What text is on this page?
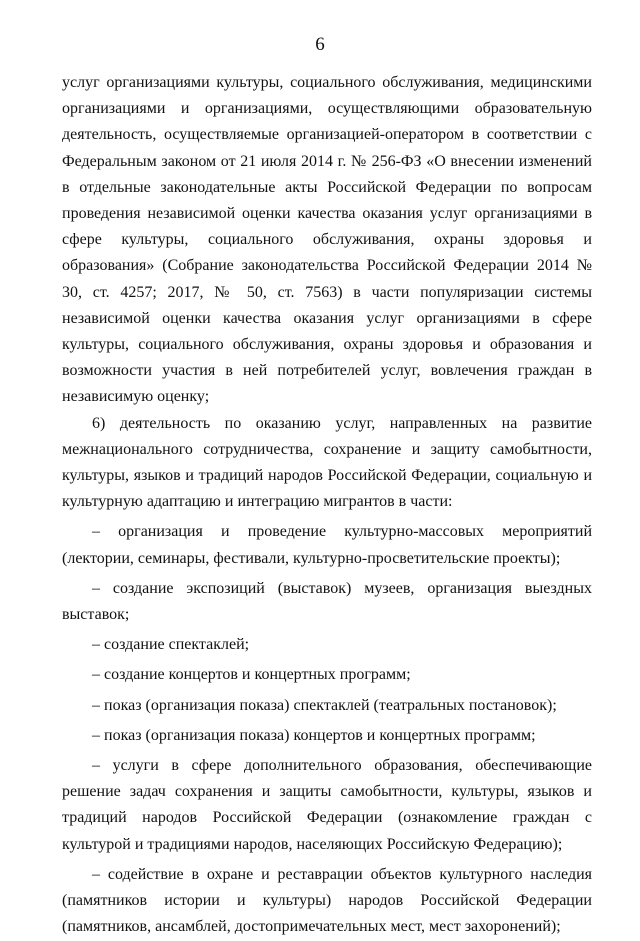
6

услуг организациями культуры, социального обслуживания, медицинскими организациями и организациями, осуществляющими образовательную деятельность, осуществляемые организацией-оператором в соответствии с Федеральным законом от 21 июля 2014 г. № 256-ФЗ «О внесении изменений в отдельные законодательные акты Российской Федерации по вопросам проведения независимой оценки качества оказания услуг организациями в сфере культуры, социального обслуживания, охраны здоровья и образования» (Собрание законодательства Российской Федерации 2014 № 30, ст. 4257; 2017, № 50, ст. 7563) в части популяризации системы независимой оценки качества оказания услуг организациями в сфере культуры, социального обслуживания, охраны здоровья и образования и возможности участия в ней потребителей услуг, вовлечения граждан в независимую оценку;

6) деятельность по оказанию услуг, направленных на развитие межнационального сотрудничества, сохранение и защиту самобытности, культуры, языков и традиций народов Российской Федерации, социальную и культурную адаптацию и интеграцию мигрантов в части:

– организация и проведение культурно-массовых мероприятий (лектории, семинары, фестивали, культурно-просветительские проекты);

– создание экспозиций (выставок) музеев, организация выездных выставок;

– создание спектаклей;

– создание концертов и концертных программ;

– показ (организация показа) спектаклей (театральных постановок);

– показ (организация показа) концертов и концертных программ;

– услуги в сфере дополнительного образования, обеспечивающие решение задач сохранения и защиты самобытности, культуры, языков и традиций народов Российской Федерации (ознакомление граждан с культурой и традициями народов, населяющих Российскую Федерацию);

– содействие в охране и реставрации объектов культурного наследия (памятников истории и культуры) народов Российской Федерации (памятников, ансамблей, достопримечательных мест, мест захоронений);
